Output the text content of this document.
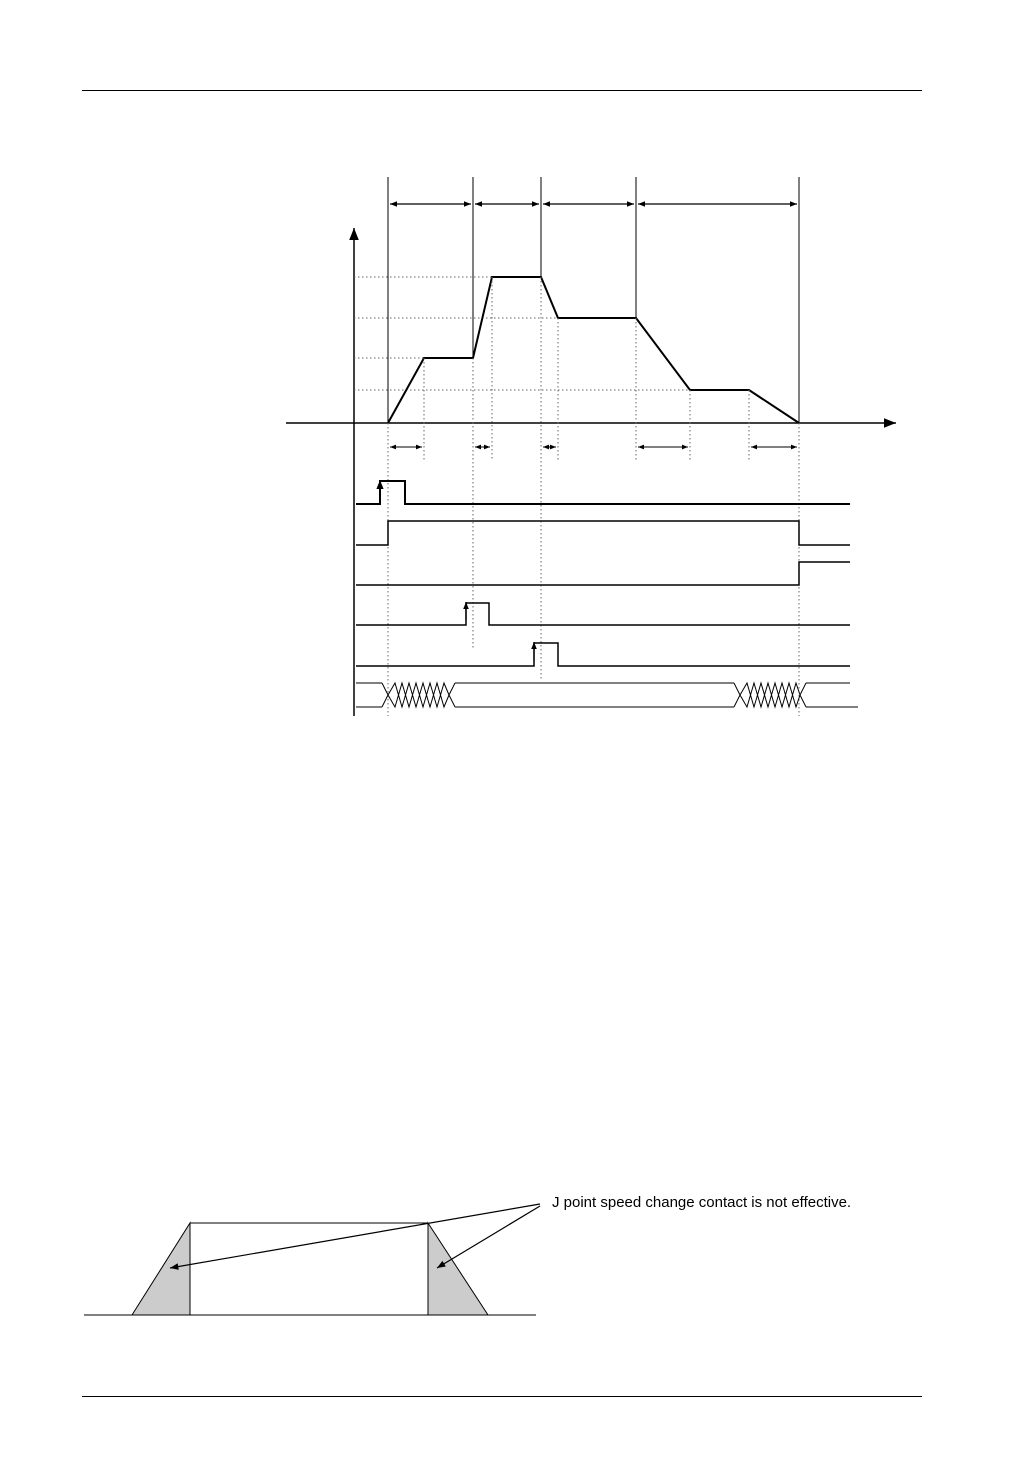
J point speed change contact is not effective.
